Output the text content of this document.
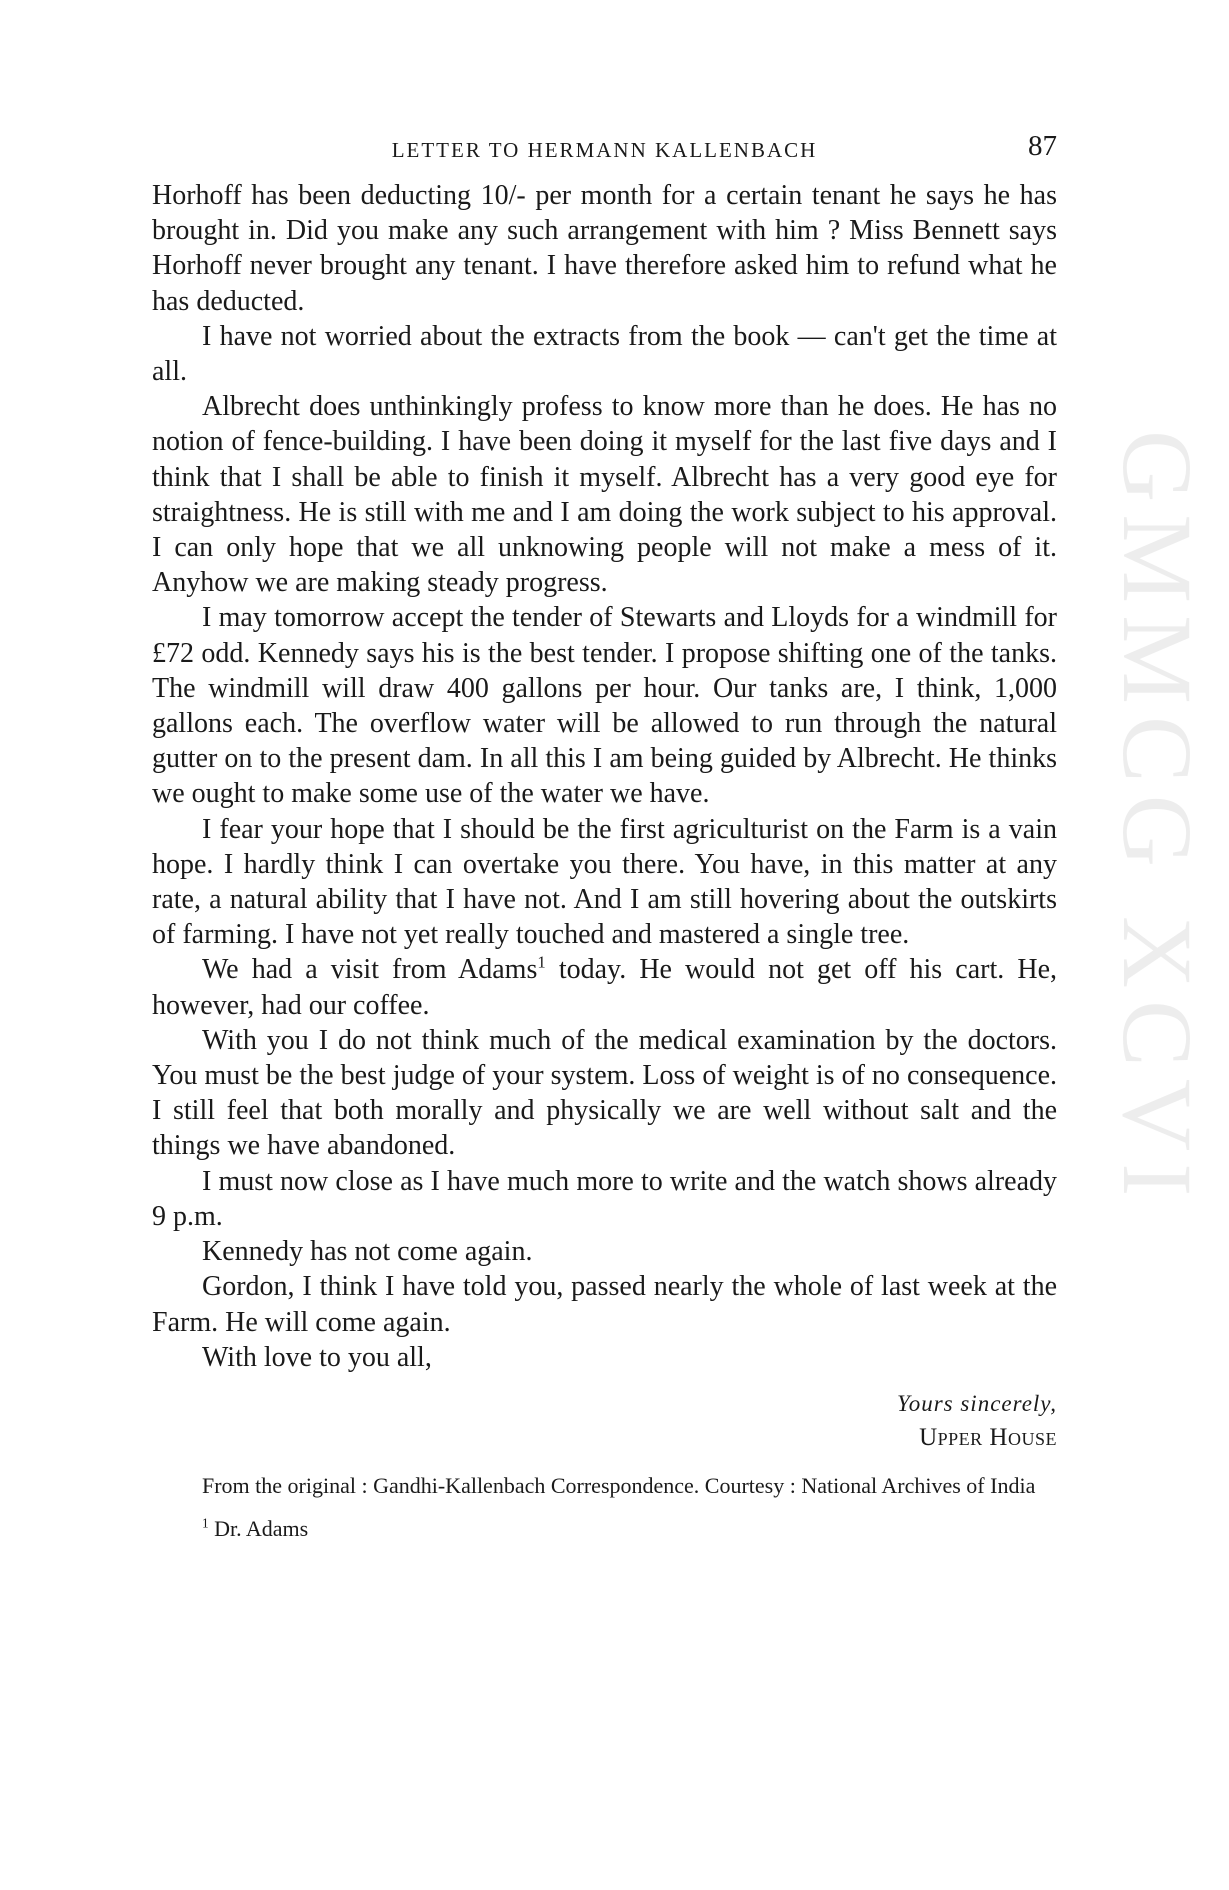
GMMCG XCVI
LETTER TO HERMANN KALLENBACH	87

Horhoff has been deducting 10/- per month for a certain tenant he says he has brought in. Did you make any such arrangement with him ? Miss Bennett says Horhoff never brought any tenant. I have therefore asked him to refund what he has deducted.

I have not worried about the extracts from the book — can't get the time at all.

Albrecht does unthinkingly profess to know more than he does. He has no notion of fence-building. I have been doing it myself for the last five days and I think that I shall be able to finish it myself. Albrecht has a very good eye for straightness. He is still with me and I am doing the work subject to his approval. I can only hope that we all unknowing people will not make a mess of it. Anyhow we are making steady progress.

I may tomorrow accept the tender of Stewarts and Lloyds for a windmill for £72 odd. Kennedy says his is the best tender. I propose shifting one of the tanks. The windmill will draw 400 gallons per hour. Our tanks are, I think, 1,000 gallons each. The overflow water will be allowed to run through the natural gutter on to the present dam. In all this I am being guided by Albrecht. He thinks we ought to make some use of the water we have.

I fear your hope that I should be the first agriculturist on the Farm is a vain hope. I hardly think I can overtake you there. You have, in this matter at any rate, a natural ability that I have not. And I am still hovering about the outskirts of farming. I have not yet really touched and mastered a single tree.

We had a visit from Adams$^1$ today. He would not get off his cart. He, however, had our coffee.

With you I do not think much of the medical examination by the doctors. You must be the best judge of your system. Loss of weight is of no consequence. I still feel that both morally and physically we are well without salt and the things we have abandoned.

I must now close as I have much more to write and the watch shows already 9 p.m.

Kennedy has not come again.

Gordon, I think I have told you, passed nearly the whole of last week at the Farm. He will come again.

With love to you all,

Yours sincerely,
Upper House
From the original : Gandhi-Kallenbach Correspondence. Courtesy : National Archives of India
$^1$ Dr. Adams
